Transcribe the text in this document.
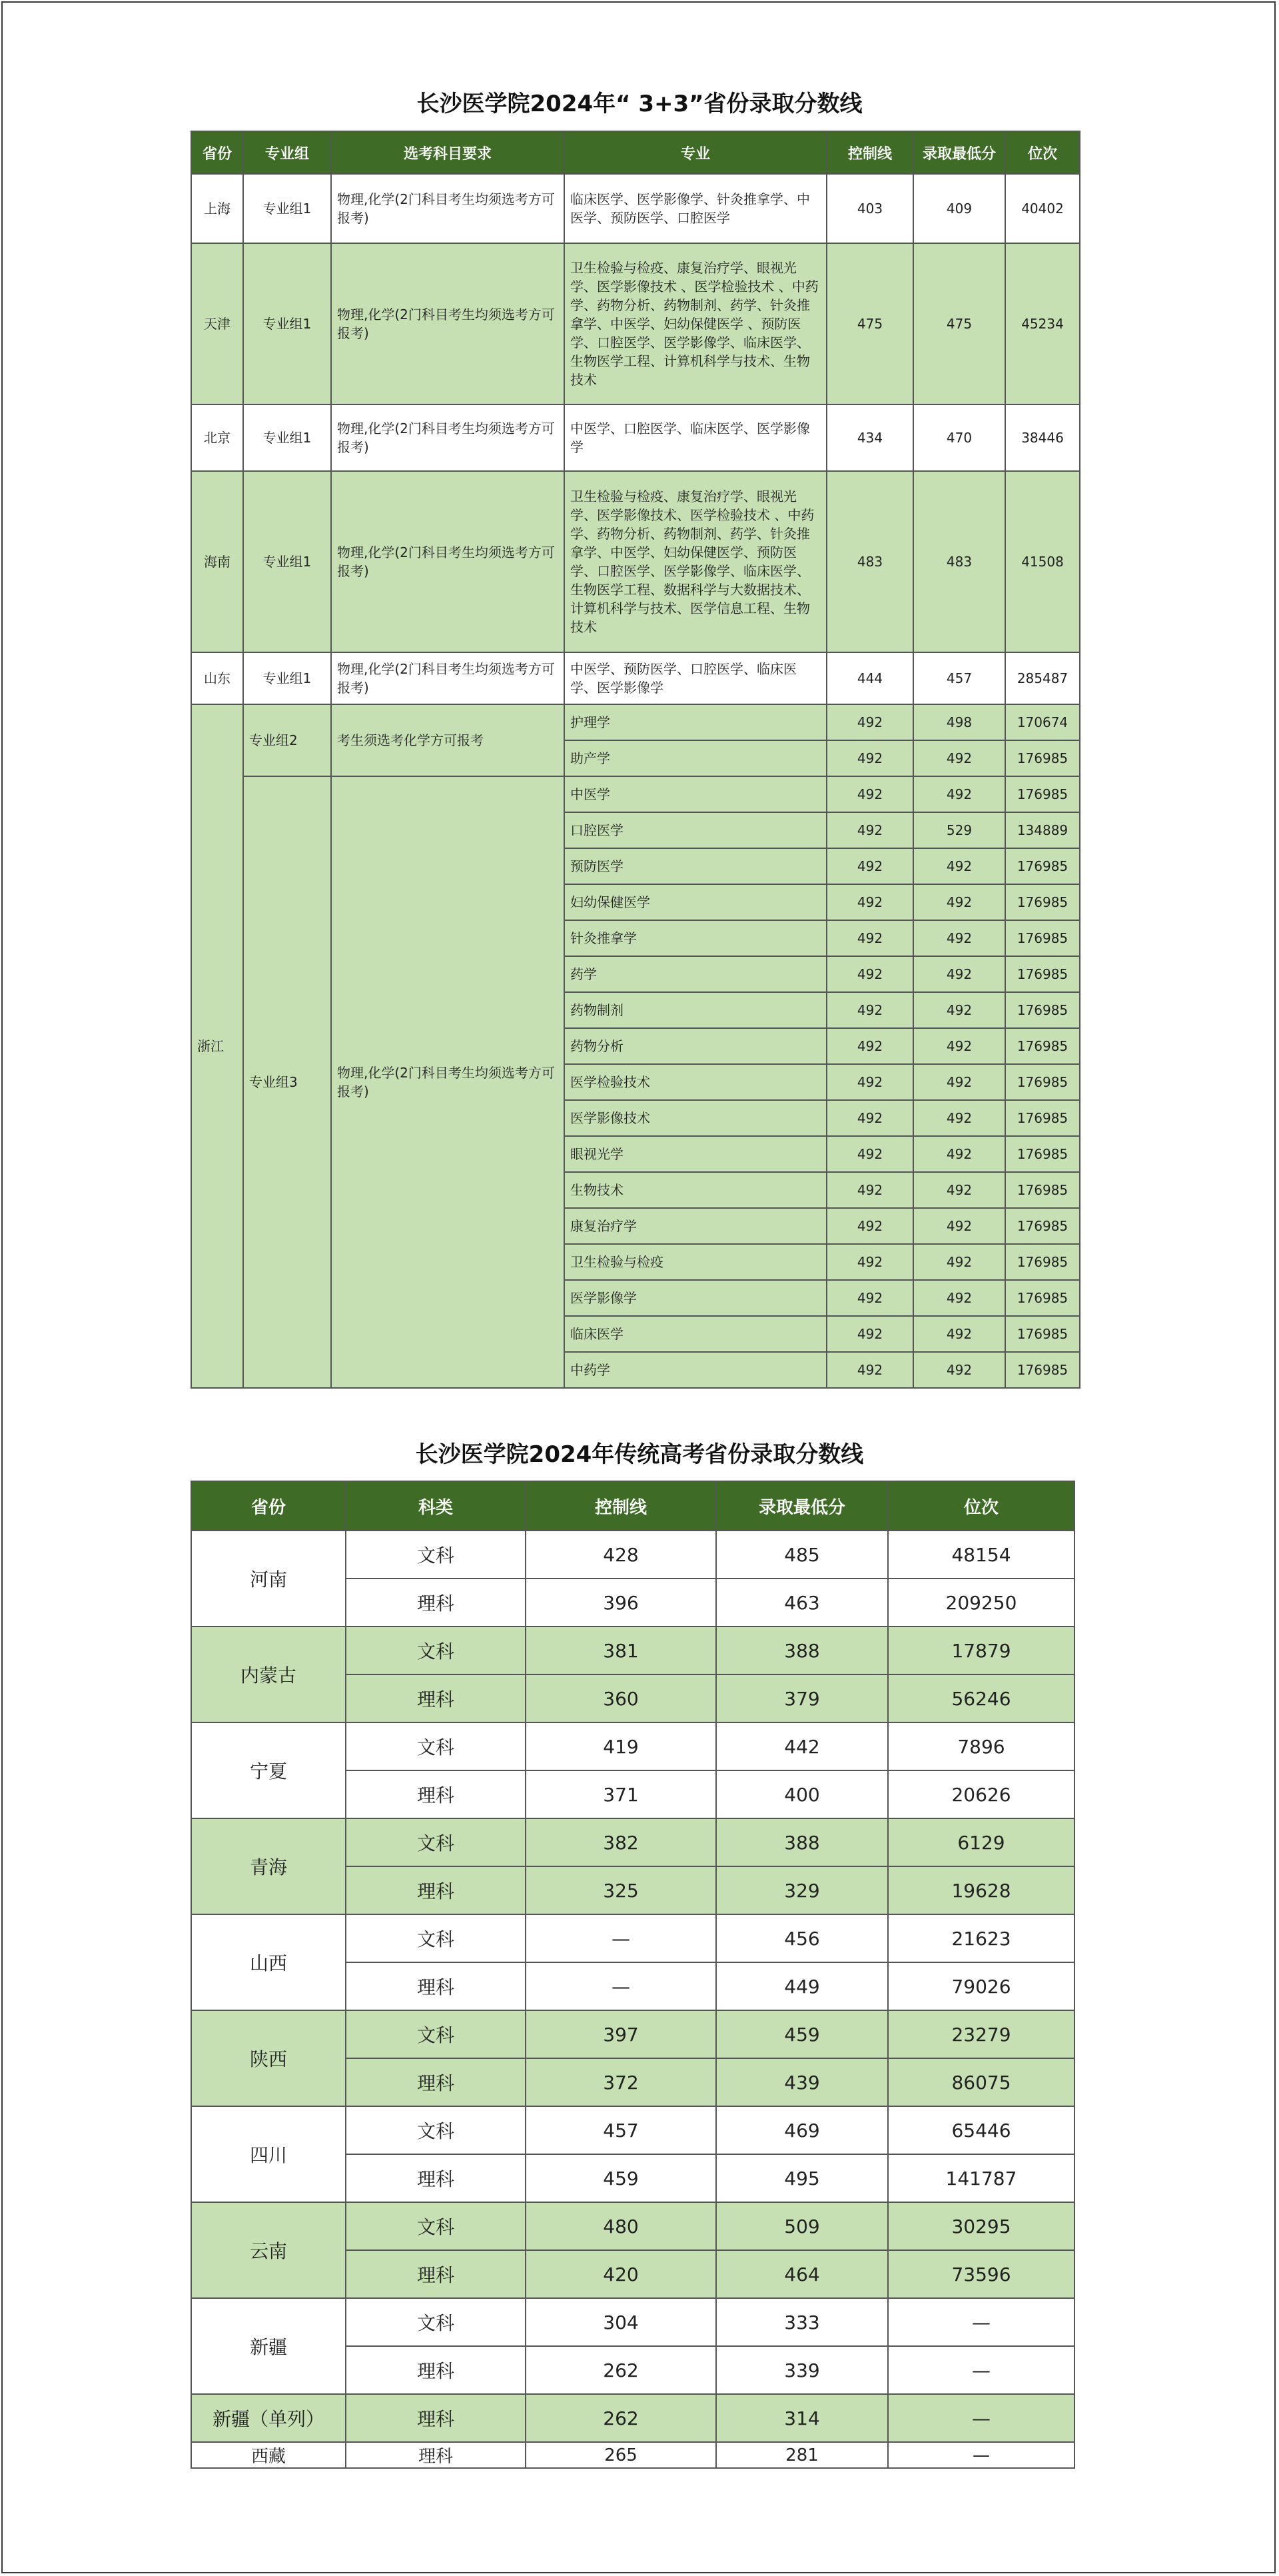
长沙医学院2024年“ 3+3”省份录取分数线
省份	专业组	选考科目要求	专业	控制线	录取最低分	位次
上海	专业组1	物理,化学(2门科目考生均须选考方可报考)	临床医学、医学影像学、针灸推拿学、中医学、预防医学、口腔医学	403	409	40402
天津	专业组1	物理,化学(2门科目考生均须选考方可报考)	卫生检验与检疫、康复治疗学、眼视光学、医学影像技术 、医学检验技术 、中药学、药物分析、药物制剂、药学、针灸推拿学、中医学、妇幼保健医学 、预防医学、口腔医学、医学影像学、临床医学、生物医学工程、计算机科学与技术、生物技术	475	475	45234
北京	专业组1	物理,化学(2门科目考生均须选考方可报考)	中医学、口腔医学、临床医学、医学影像学	434	470	38446
海南	专业组1	物理,化学(2门科目考生均须选考方可报考)	卫生检验与检疫、康复治疗学、眼视光学、医学影像技术、医学检验技术 、中药学、药物分析、药物制剂、药学、针灸推拿学、中医学、妇幼保健医学、预防医学、口腔医学、医学影像学、临床医学、生物医学工程、数据科学与大数据技术、计算机科学与技术、医学信息工程、生物技术	483	483	41508
山东	专业组1	物理,化学(2门科目考生均须选考方可报考)	中医学、预防医学、口腔医学、临床医学、医学影像学	444	457	285487
浙江	专业组2	考生须选考化学方可报考	护理学	492	498	170674
			助产学	492	492	176985
	专业组3	物理,化学(2门科目考生均须选考方可报考)	中医学	492	492	176985
			口腔医学	492	529	134889
			预防医学	492	492	176985
			妇幼保健医学	492	492	176985
			针灸推拿学	492	492	176985
			药学	492	492	176985
			药物制剂	492	492	176985
			药物分析	492	492	176985
			医学检验技术	492	492	176985
			医学影像技术	492	492	176985
			眼视光学	492	492	176985
			生物技术	492	492	176985
			康复治疗学	492	492	176985
			卫生检验与检疫	492	492	176985
			医学影像学	492	492	176985
			临床医学	492	492	176985
			中药学	492	492	176985
长沙医学院2024年传统高考省份录取分数线
省份	科类	控制线	录取最低分	位次
河南	文科	428	485	48154
	理科	396	463	209250
内蒙古	文科	381	388	17879
	理科	360	379	56246
宁夏	文科	419	442	7896
	理科	371	400	20626
青海	文科	382	388	6129
	理科	325	329	19628
山西	文科	—	456	21623
	理科	—	449	79026
陕西	文科	397	459	23279
	理科	372	439	86075
四川	文科	457	469	65446
	理科	459	495	141787
云南	文科	480	509	30295
	理科	420	464	73596
新疆	文科	304	333	—
	理科	262	339	—
新疆（单列）	理科	262	314	—
西藏	理科	265	281	—
